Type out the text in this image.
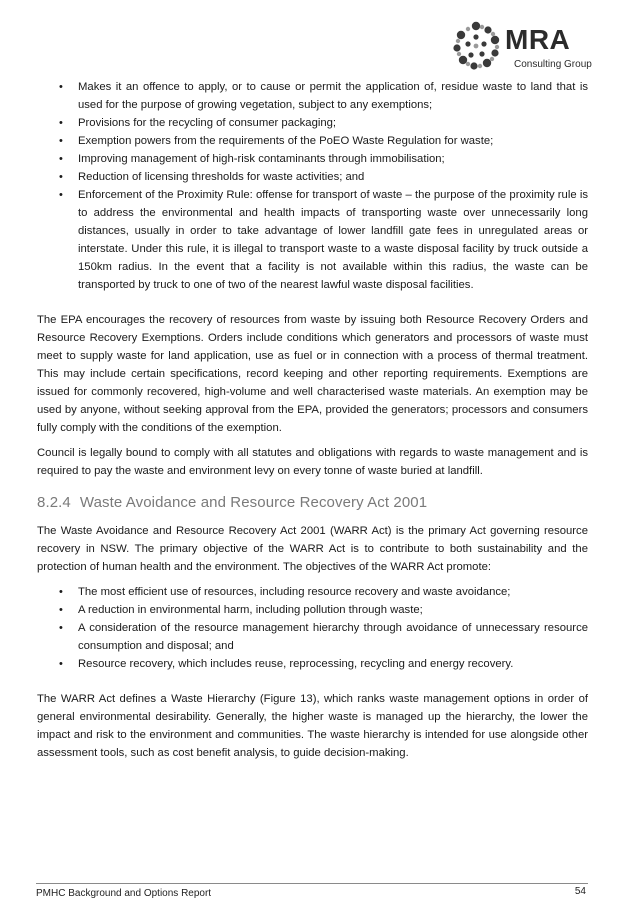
MRA
Consulting Group
• Makes it an offence to apply, or to cause or permit the application of, residue waste to land that is used for the purpose of growing vegetation, subject to any exemptions;
• Provisions for the recycling of consumer packaging;
• Exemption powers from the requirements of the PoEO Waste Regulation for waste;
• Improving management of high-risk contaminants through immobilisation;
• Reduction of licensing thresholds for waste activities; and
• Enforcement of the Proximity Rule: offense for transport of waste – the purpose of the proximity rule is to address the environmental and health impacts of transporting waste over unnecessarily long distances, usually in order to take advantage of lower landfill gate fees in unregulated areas or interstate. Under this rule, it is illegal to transport waste to a waste disposal facility by truck outside a 150km radius. In the event that a facility is not available within this radius, the waste can be transported by truck to one of two of the nearest lawful waste disposal facilities.

The EPA encourages the recovery of resources from waste by issuing both Resource Recovery Orders and Resource Recovery Exemptions. Orders include conditions which generators and processors of waste must meet to supply waste for land application, use as fuel or in connection with a process of thermal treatment. This may include certain specifications, record keeping and other reporting requirements. Exemptions are issued for commonly recovered, high-volume and well characterised waste materials. An exemption may be used by anyone, without seeking approval from the EPA, provided the generators; processors and consumers fully comply with the conditions of the exemption.

Council is legally bound to comply with all statutes and obligations with regards to waste management and is required to pay the waste and environment levy on every tonne of waste buried at landfill.

8.2.4 Waste Avoidance and Resource Recovery Act 2001

The Waste Avoidance and Resource Recovery Act 2001 (WARR Act) is the primary Act governing resource recovery in NSW. The primary objective of the WARR Act is to contribute to both sustainability and the protection of human health and the environment. The objectives of the WARR Act promote:

• The most efficient use of resources, including resource recovery and waste avoidance;
• A reduction in environmental harm, including pollution through waste;
• A consideration of the resource management hierarchy through avoidance of unnecessary resource consumption and disposal; and
• Resource recovery, which includes reuse, reprocessing, recycling and energy recovery.

The WARR Act defines a Waste Hierarchy (Figure 13), which ranks waste management options in order of general environmental desirability. Generally, the higher waste is managed up the hierarchy, the lower the impact and risk to the environment and communities. The waste hierarchy is intended for use alongside other assessment tools, such as cost benefit analysis, to guide decision-making.

PMHC Background and Options Report	54
